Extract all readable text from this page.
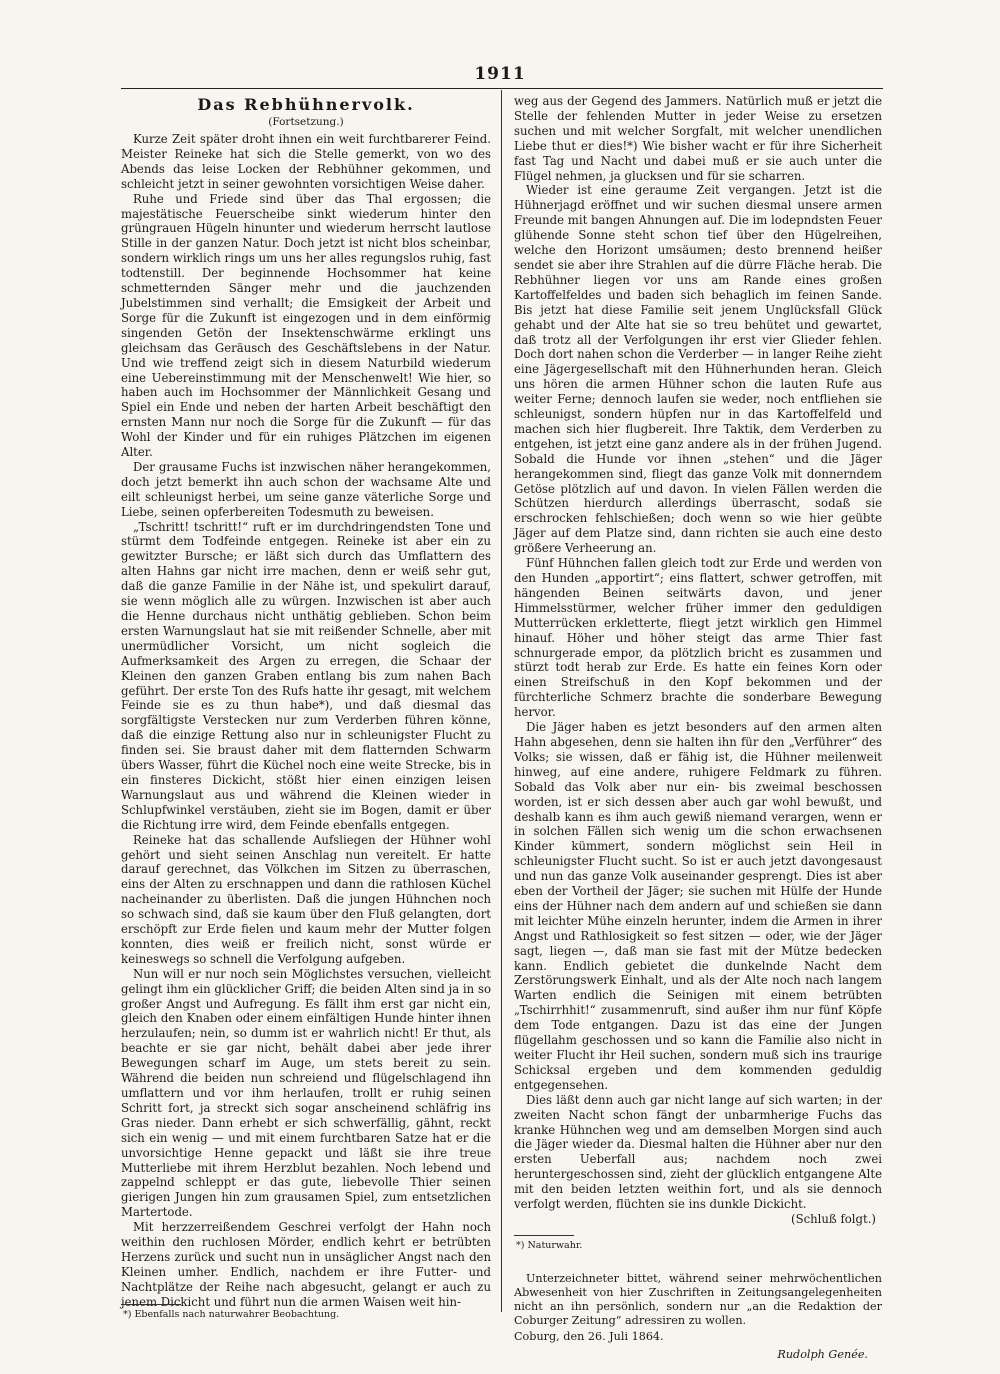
1911
Das Rebhühnervolk.
(Fortsetzung.)

Kurze Zeit später droht ihnen ein weit furchtbarerer Feind. Meister Reineke hat sich die Stelle gemerkt, von wo des Abends das leise Locken der Rebhühner gekommen, und schleicht jetzt in seiner gewohnten vorsichtigen Weise daher.

Ruhe und Friede sind über das Thal ergossen; die majestätische Feuerscheibe sinkt wiederum hinter den grüngrauen Hügeln hinunter und wiederum herrscht lautlose Stille in der ganzen Natur. Doch jetzt ist nicht blos scheinbar, sondern wirklich rings um uns her alles regungslos ruhig, fast todtenstill. Der beginnende Hochsommer hat keine schmetternden Sänger mehr und die jauchzenden Jubelstimmen sind verhallt; die Emsigkeit der Arbeit und Sorge für die Zukunft ist eingezogen und in dem einförmig singenden Getön der Insektenschwärme erklingt uns gleichsam das Geräusch des Geschäftslebens in der Natur. Und wie treffend zeigt sich in diesem Naturbild wiederum eine Uebereinstimmung mit der Menschenwelt! Wie hier, so haben auch im Hochsommer der Männlichkeit Gesang und Spiel ein Ende und neben der harten Arbeit beschäftigt den ernsten Mann nur noch die Sorge für die Zukunft — für das Wohl der Kinder und für ein ruhiges Plätzchen im eigenen Alter.

Der grausame Fuchs ist inzwischen näher herangekommen, doch jetzt bemerkt ihn auch schon der wachsame Alte und eilt schleunigst herbei, um seine ganze väterliche Sorge und Liebe, seinen opferbereiten Todesmuth zu beweisen.

„Tschritt! tschritt!“ ruft er im durchdringendsten Tone und stürmt dem Todfeinde entgegen. Reineke ist aber ein zu gewitzter Bursche; er läßt sich durch das Umflattern des alten Hahns gar nicht irre machen, denn er weiß sehr gut, daß die ganze Familie in der Nähe ist, und spekulirt darauf, sie wenn möglich alle zu würgen. Inzwischen ist aber auch die Henne durchaus nicht unthätig geblieben. Schon beim ersten Warnungslaut hat sie mit reißender Schnelle, aber mit unermüdlicher Vorsicht, um nicht sogleich die Aufmerksamkeit des Argen zu erregen, die Schaar der Kleinen den ganzen Graben entlang bis zum nahen Bach geführt. Der erste Ton des Rufs hatte ihr gesagt, mit welchem Feinde sie es zu thun habe*), und daß diesmal das sorgfältigste Verstecken nur zum Verderben führen könne, daß die einzige Rettung also nur in schleunigster Flucht zu finden sei. Sie braust daher mit dem flatternden Schwarm übers Wasser, führt die Küchel noch eine weite Strecke, bis in ein finsteres Dickicht, stößt hier einen einzigen leisen Warnungslaut aus und während die Kleinen wieder in Schlupfwinkel verstäuben, zieht sie im Bogen, damit er über die Richtung irre wird, dem Feinde ebenfalls entgegen.

Reineke hat das schallende Aufsliegen der Hühner wohl gehört und sieht seinen Anschlag nun vereitelt. Er hatte darauf gerechnet, das Völkchen im Sitzen zu überraschen, eins der Alten zu erschnappen und dann die rathlosen Küchel nacheinander zu überlisten. Daß die jungen Hühnchen noch so schwach sind, daß sie kaum über den Fluß gelangten, dort erschöpft zur Erde fielen und kaum mehr der Mutter folgen konnten, dies weiß er freilich nicht, sonst würde er keineswegs so schnell die Verfolgung aufgeben.

Nun will er nur noch sein Möglichstes versuchen, vielleicht gelingt ihm ein glücklicher Griff; die beiden Alten sind ja in so großer Angst und Aufregung. Es fällt ihm erst gar nicht ein, gleich den Knaben oder einem einfältigen Hunde hinter ihnen herzulaufen; nein, so dumm ist er wahrlich nicht! Er thut, als beachte er sie gar nicht, behält dabei aber jede ihrer Bewegungen scharf im Auge, um stets bereit zu sein. Während die beiden nun schreiend und flügelschlagend ihn umflattern und vor ihm herlaufen, trollt er ruhig seinen Schritt fort, ja streckt sich sogar anscheinend schläfrig ins Gras nieder. Dann erhebt er sich schwerfällig, gähnt, reckt sich ein wenig — und mit einem furchtbaren Satze hat er die unvorsichtige Henne gepackt und läßt sie ihre treue Mutterliebe mit ihrem Herzblut bezahlen. Noch lebend und zappelnd schleppt er das gute, liebevolle Thier seinen gierigen Jungen hin zum grausamen Spiel, zum entsetzlichen Martertode.

Mit herzzerreißendem Geschrei verfolgt der Hahn noch weithin den ruchlosen Mörder, endlich kehrt er betrübten Herzens zurück und sucht nun in unsäglicher Angst nach den Kleinen umher. Endlich, nachdem er ihre Futter- und Nachtplätze der Reihe nach abgesucht, gelangt er auch zu jenem Dickicht und führt nun die armen Waisen weit hin-

*) Ebenfalls nach naturwahrer Beobachtung.

weg aus der Gegend des Jammers. Natürlich muß er jetzt die Stelle der fehlenden Mutter in jeder Weise zu ersetzen suchen und mit welcher Sorgfalt, mit welcher unendlichen Liebe thut er dies!*) Wie bisher wacht er für ihre Sicherheit fast Tag und Nacht und dabei muß er sie auch unter die Flügel nehmen, ja glucksen und für sie scharren.

Wieder ist eine geraume Zeit vergangen. Jetzt ist die Hühnerjagd eröffnet und wir suchen diesmal unsere armen Freunde mit bangen Ahnungen auf. Die im lodерndsten Feuer glühende Sonne steht schon tief über den Hügelreihen, welche den Horizont umsäumen; desto brennend heißer sendet sie aber ihre Strahlen auf die dürre Fläche herab. Die Rebhühner liegen vor uns am Rande eines großen Kartoffelfeldes und baden sich behaglich im feinen Sande. Bis jetzt hat diese Familie seit jenem Unglücksfall Glück gehabt und der Alte hat sie so treu behütet und gewartet, daß trotz all der Verfolgungen ihr erst vier Glieder fehlen. Doch dort nahen schon die Verderber — in langer Reihe zieht eine Jägergesellschaft mit den Hühnerhunden heran. Gleich uns hören die armen Hühner schon die lauten Rufe aus weiter Ferne; dennoch laufen sie weder, noch entfliehen sie schleunigst, sondern hüpfen nur in das Kartoffelfeld und machen sich hier flugbereit. Ihre Taktik, dem Verderben zu entgehen, ist jetzt eine ganz andere als in der frühen Jugend. Sobald die Hunde vor ihnen „stehen“ und die Jäger herangekommen sind, fliegt das ganze Volk mit donnerndem Getöse plötzlich auf und davon. In vielen Fällen werden die Schützen hierdurch allerdings überrascht, sodaß sie erschrocken fehlschießen; doch wenn so wie hier geübte Jäger auf dem Platze sind, dann richten sie auch eine desto größere Verheerung an.

Fünf Hühnchen fallen gleich todt zur Erde und werden von den Hunden „apportirt“; eins flattert, schwer getroffen, mit hängenden Beinen seitwärts davon, und jener Himmelsstürmer, welcher früher immer den geduldigen Mutterrücken erkletterte, fliegt jetzt wirklich gen Himmel hinauf. Höher und höher steigt das arme Thier fast schnurgerade empor, da plötzlich bricht es zusammen und stürzt todt herab zur Erde. Es hatte ein feines Korn oder einen Streifschuß in den Kopf bekommen und der fürchterliche Schmerz brachte die sonderbare Bewegung hervor.

Die Jäger haben es jetzt besonders auf den armen alten Hahn abgesehen, denn sie halten ihn für den „Verführer“ des Volks; sie wissen, daß er fähig ist, die Hühner meilenweit hinweg, auf eine andere, ruhigere Feldmark zu führen. Sobald das Volk aber nur ein- bis zweimal beschossen worden, ist er sich dessen aber auch gar wohl bewußt, und deshalb kann es ihm auch gewiß niemand verargen, wenn er in solchen Fällen sich wenig um die schon erwachsenen Kinder kümmert, sondern möglichst sein Heil in schleunigster Flucht sucht. So ist er auch jetzt davongesaust und nun das ganze Volk auseinander gesprengt. Dies ist aber eben der Vortheil der Jäger; sie suchen mit Hülfe der Hunde eins der Hühner nach dem andern auf und schießen sie dann mit leichter Mühe einzeln herunter, indem die Armen in ihrer Angst und Rathlosigkeit so fest sitzen — oder, wie der Jäger sagt, liegen —, daß man sie fast mit der Mütze bedecken kann. Endlich gebietet die dunkelnde Nacht dem Zerstörungswerk Einhalt, und als der Alte noch nach langem Warten endlich die Seinigen mit einem betrübten „Tschirrhhit!“ zusammenruft, sind außer ihm nur fünf Köpfe dem Tode entgangen. Dazu ist das eine der Jungen flügellahm geschossen und so kann die Familie also nicht in weiter Flucht ihr Heil suchen, sondern muß sich ins traurige Schicksal ergeben und dem kommenden geduldig entgegensehen.

Dies läßt denn auch gar nicht lange auf sich warten; in der zweiten Nacht schon fängt der unbarmherige Fuchs das kranke Hühnchen weg und am demselben Morgen sind auch die Jäger wieder da. Diesmal halten die Hühner aber nur den ersten Ueberfall aus; nachdem noch zwei heruntergeschossen sind, zieht der glücklich entgangene Alte mit den beiden letzten weithin fort, und als sie dennoch verfolgt werden, flüchten sie ins dunkle Dickicht.

(Schluß folgt.)
*) Naturwahr.

Unterzeichneter bittet, während seiner mehrwöchentlichen Abwesenheit von hier Zuschriften in Zeitungsangelegenheiten nicht an ihn persönlich, sondern nur „an die Redaktion der Coburger Zeitung“ adressiren zu wollen.

Coburg, den 26. Juli 1864.

Rudolph Genée.
